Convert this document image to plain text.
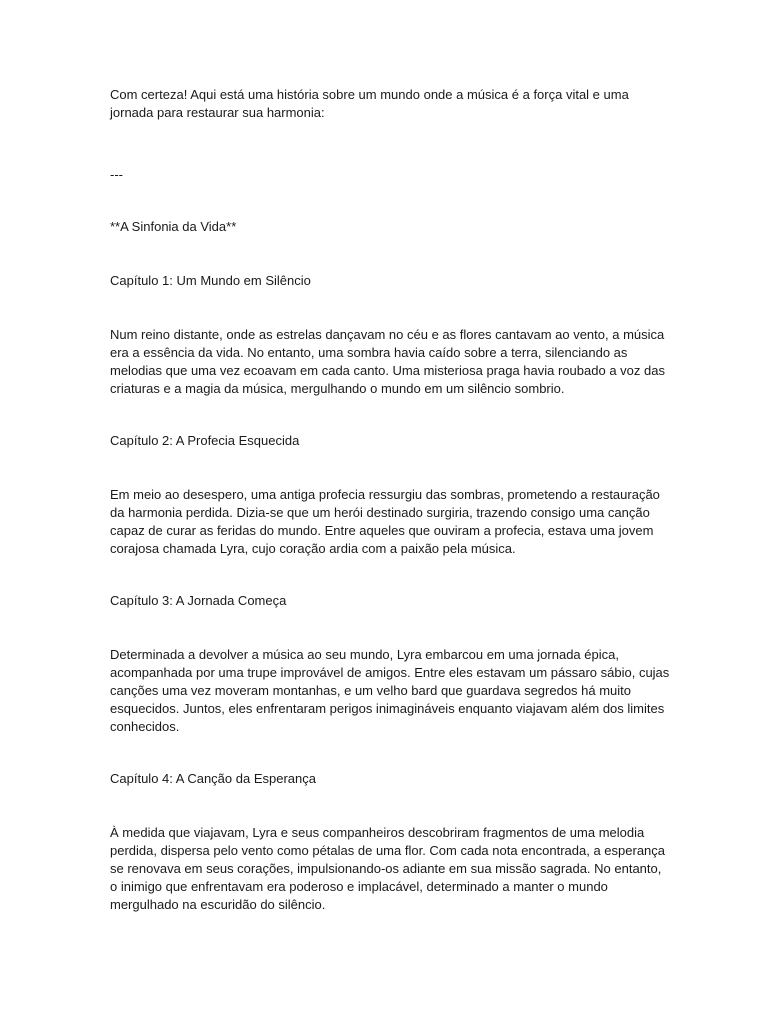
Com certeza! Aqui está uma história sobre um mundo onde a música é a força vital e uma jornada para restaurar sua harmonia:

---

**A Sinfonia da Vida**

Capítulo 1: Um Mundo em Silêncio

Num reino distante, onde as estrelas dançavam no céu e as flores cantavam ao vento, a música era a essência da vida. No entanto, uma sombra havia caído sobre a terra, silenciando as melodias que uma vez ecoavam em cada canto. Uma misteriosa praga havia roubado a voz das criaturas e a magia da música, mergulhando o mundo em um silêncio sombrio.

Capítulo 2: A Profecia Esquecida

Em meio ao desespero, uma antiga profecia ressurgiu das sombras, prometendo a restauração da harmonia perdida. Dizia-se que um herói destinado surgiria, trazendo consigo uma canção capaz de curar as feridas do mundo. Entre aqueles que ouviram a profecia, estava uma jovem corajosa chamada Lyra, cujo coração ardia com a paixão pela música.

Capítulo 3: A Jornada Começa

Determinada a devolver a música ao seu mundo, Lyra embarcou em uma jornada épica, acompanhada por uma trupe improvável de amigos. Entre eles estavam um pássaro sábio, cujas canções uma vez moveram montanhas, e um velho bard que guardava segredos há muito esquecidos. Juntos, eles enfrentaram perigos inimagináveis enquanto viajavam além dos limites conhecidos.

Capítulo 4: A Canção da Esperança

À medida que viajavam, Lyra e seus companheiros descobriram fragmentos de uma melodia perdida, dispersa pelo vento como pétalas de uma flor. Com cada nota encontrada, a esperança se renovava em seus corações, impulsionando-os adiante em sua missão sagrada. No entanto, o inimigo que enfrentavam era poderoso e implacável, determinado a manter o mundo mergulhado na escuridão do silêncio.
